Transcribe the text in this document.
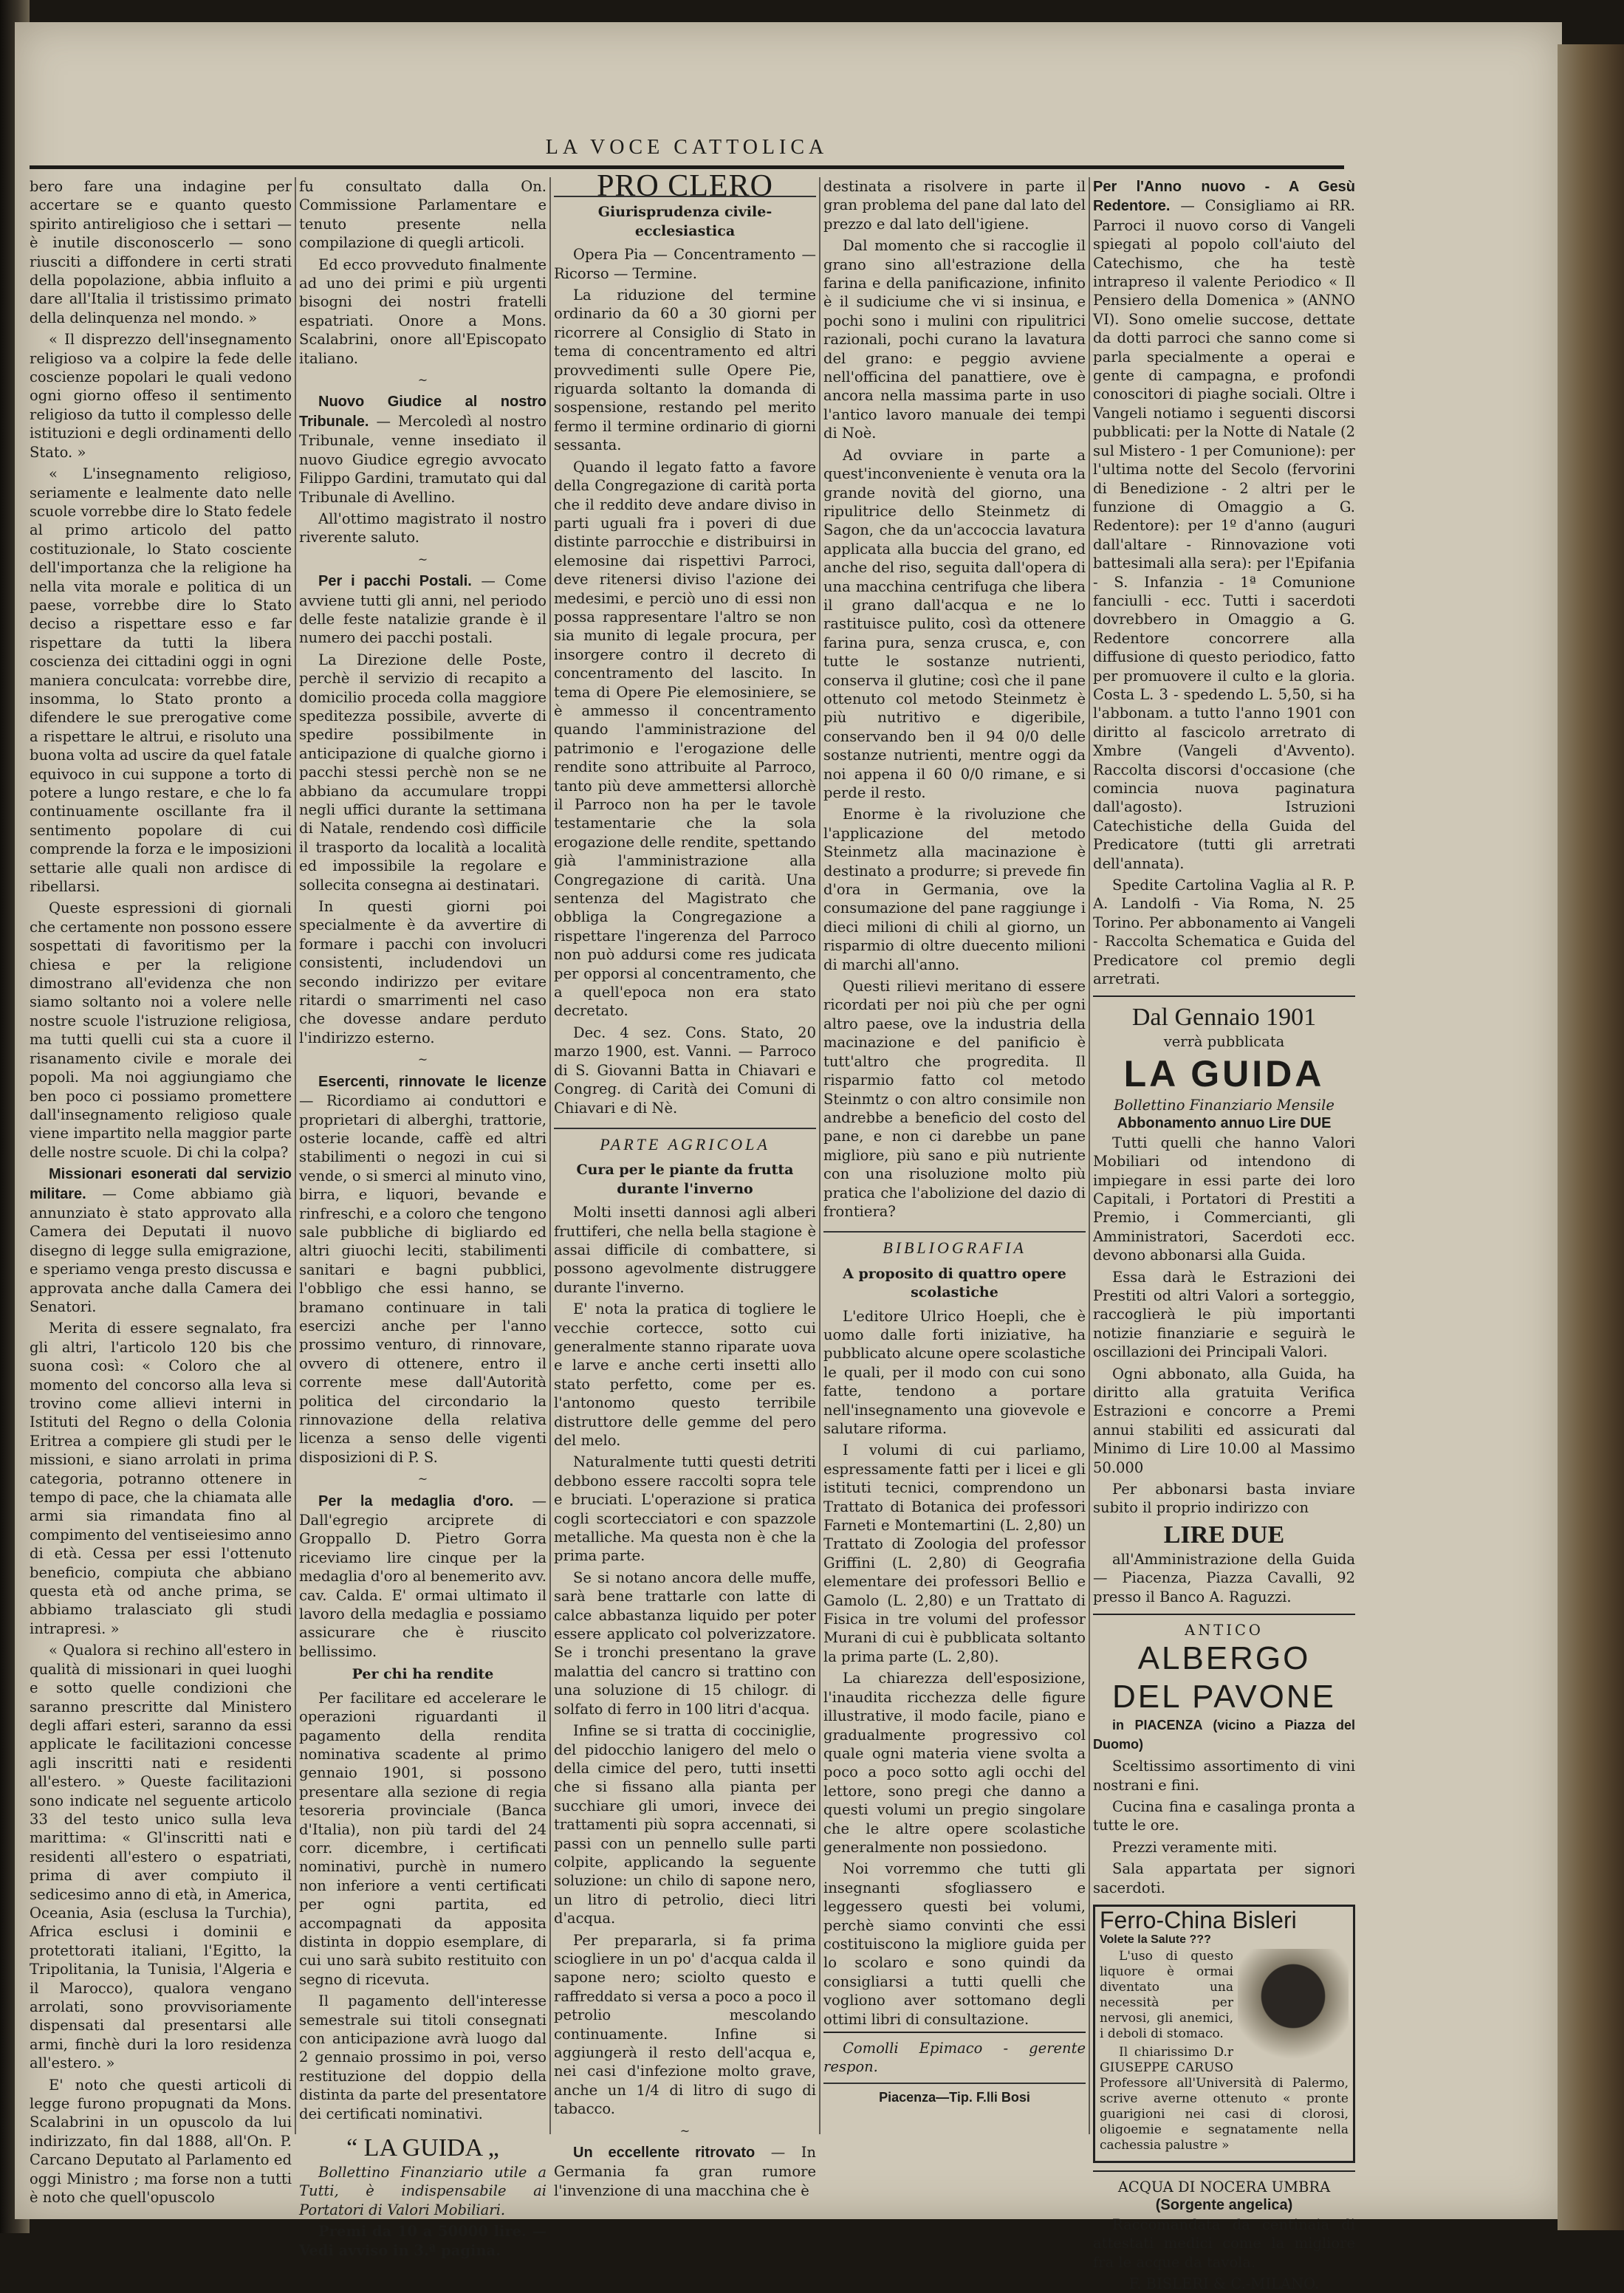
LA VOCE CATTOLICA

bero fare una indagine per accertare se e quanto questo spirito antireligioso che i settari — è inutile disconoscerlo — sono riusciti a diffondere in certi strati della popolazione, abbia influito a dare all'Italia il tristissimo primato della delinquenza nel mondo. »

« Il disprezzo dell'insegnamento religioso va a colpire la fede delle coscienze popolari le quali vedono ogni giorno offeso il sentimento religioso da tutto il complesso delle istituzioni e degli ordinamenti dello Stato. »

« L'insegnamento religioso, seriamente e lealmente dato nelle scuole vorrebbe dire lo Stato fedele al primo articolo del patto costituzionale, lo Stato cosciente dell'importanza che la religione ha nella vita morale e politica di un paese, vorrebbe dire lo Stato deciso a rispettare esso e far rispettare da tutti la libera coscienza dei cittadini oggi in ogni maniera conculcata: vorrebbe dire, insomma, lo Stato pronto a difendere le sue prerogative come a rispettare le altrui, e risoluto una buona volta ad uscire da quel fatale equivoco in cui suppone a torto di potere a lungo restare, e che lo fa continuamente oscillante fra il sentimento popolare di cui comprende la forza e le imposizioni settarie alle quali non ardisce di ribellarsi.

Queste espressioni di giornali che certamente non possono essere sospettati di favoritismo per la chiesa e per la religione dimostrano all'evidenza che non siamo soltanto noi a volere nelle nostre scuole l'istruzione religiosa, ma tutti quelli cui sta a cuore il risanamento civile e morale dei popoli. Ma noi aggiungiamo che ben poco ci possiamo promettere dall'insegnamento religioso quale viene impartito nella maggior parte delle nostre scuole. Di chi la colpa?

Missionari esonerati dal servizio militare. — Come abbiamo già annunziato è stato approvato alla Camera dei Deputati il nuovo disegno di legge sulla emigrazione, e speriamo venga presto discussa e approvata anche dalla Camera dei Senatori.

Merita di essere segnalato, fra gli altri, l'articolo 120 bis che suona così: « Coloro che al momento del concorso alla leva si trovino come allievi interni in Istituti del Regno o della Colonia Eritrea a compiere gli studi per le missioni, e siano arrolati in prima categoria, potranno ottenere in tempo di pace, che la chiamata alle armi sia rimandata fino al compimento del ventiseiesimo anno di età. Cessa per essi l'ottenuto beneficio, compiuta che abbiano questa età od anche prima, se abbiamo tralasciato gli studi intrapresi. »

« Qualora si rechino all'estero in qualità di missionari in quei luoghi e sotto quelle condizioni che saranno prescritte dal Ministero degli affari esteri, saranno da essi applicate le facilitazioni concesse agli inscritti nati e residenti all'estero. » Queste facilitazioni sono indicate nel seguente articolo 33 del testo unico sulla leva marittima: « Gl'inscritti nati e residenti all'estero o espatriati, prima di aver compiuto il sedicesimo anno di età, in America, Oceania, Asia (esclusa la Turchia), Africa esclusi i dominii e protettorati italiani, l'Egitto, la Tripolitania, la Tunisia, l'Algeria e il Marocco), qualora vengano arrolati, sono provvisoriamente dispensati dal presentarsi alle armi, finchè duri la loro residenza all'estero. »

E' noto che questi articoli di legge furono propugnati da Mons. Scalabrini in un opuscolo da lui indirizzato, fin dal 1888, all'On. P. Carcano Deputato al Parlamento ed oggi Ministro ; ma forse non a tutti è noto che quell'opuscolo

fu consultato dalla On. Commissione Parlamentare e tenuto presente nella compilazione di quegli articoli.

Ed ecco provveduto finalmente ad uno dei primi e più urgenti bisogni dei nostri fratelli espatriati. Onore a Mons. Scalabrini, onore all'Episcopato italiano.

~

Nuovo Giudice al nostro Tribunale. — Mercoledì al nostro Tribunale, venne insediato il nuovo Giudice egregio avvocato Filippo Gardini, tramutato qui dal Tribunale di Avellino.

All'ottimo magistrato il nostro riverente saluto.

~

Per i pacchi Postali. — Come avviene tutti gli anni, nel periodo delle feste natalizie grande è il numero dei pacchi postali.

La Direzione delle Poste, perchè il servizio di recapito a domicilio proceda colla maggiore speditezza possibile, avverte di spedire possibilmente in anticipazione di qualche giorno i pacchi stessi perchè non se ne abbiano da accumulare troppi negli uffici durante la settimana di Natale, rendendo così difficile il trasporto da località a località ed impossibile la regolare e sollecita consegna ai destinatari.

In questi giorni poi specialmente è da avvertire di formare i pacchi con involucri consistenti, includendovi un secondo indirizzo per evitare ritardi o smarrimenti nel caso che dovesse andare perduto l'indirizzo esterno.

~

Esercenti, rinnovate le licenze — Ricordiamo ai conduttori e proprietari di alberghi, trattorie, osterie locande, caffè ed altri stabilimenti o negozi in cui si vende, o si smerci al minuto vino, birra, e liquori, bevande e rinfreschi, e a coloro che tengono sale pubbliche di bigliardo ed altri giuochi leciti, stabilimenti sanitari e bagni pubblici, l'obbligo che essi hanno, se bramano continuare in tali esercizi anche per l'anno prossimo venturo, di rinnovare, ovvero di ottenere, entro il corrente mese dall'Autorità politica del circondario la rinnovazione della relativa licenza a senso delle vigenti disposizioni di P. S.

~

Per la medaglia d'oro. — Dall'egregio arciprete di Groppallo D. Pietro Gorra riceviamo lire cinque per la medaglia d'oro al benemerito avv. cav. Calda. E' ormai ultimato il lavoro della medaglia e possiamo assicurare che è riuscito bellissimo.

Per chi ha rendite

Per facilitare ed accelerare le operazioni riguardanti il pagamento della rendita nominativa scadente al primo gennaio 1901, si possono presentare alla sezione di regia tesoreria provinciale (Banca d'Italia), non più tardi del 24 corr. dicembre, i certificati nominativi, purchè in numero non inferiore a venti certificati per ogni partita, ed accompagnati da apposita distinta in doppio esemplare, di cui uno sarà subito restituito con segno di ricevuta.

Il pagamento dell'interesse semestrale sui titoli consegnati con anticipazione avrà luogo dal 2 gennaio prossimo in poi, verso restituzione del doppio della distinta da parte del presentatore dei certificati nominativi.

“ LA GUIDA „

Bollettino Finanziario utile a Tutti, è indispensabile ai Portatori di Valori Mobiliari.

Premi da 10 a 50000 lire. — Vedi avviso in 3.ª pagina.

PRO CLERO
Giurisprudenza civile-ecclesiastica

Opera Pia — Concentramento — Ricorso — Termine.

La riduzione del termine ordinario da 60 a 30 giorni per ricorrere al Consiglio di Stato in tema di concentramento ed altri provvedimenti sulle Opere Pie, riguarda soltanto la domanda di sospensione, restando pel merito fermo il termine ordinario di giorni sessanta.

Quando il legato fatto a favore della Congregazione di carità porta che il reddito deve andare diviso in parti uguali fra i poveri di due distinte parrocchie e distribuirsi in elemosine dai rispettivi Parroci, deve ritenersi diviso l'azione dei medesimi, e perciò uno di essi non possa rappresentare l'altro se non sia munito di legale procura, per insorgere contro il decreto di concentramento del lascito. In tema di Opere Pie elemosiniere, se è ammesso il concentramento quando l'amministrazione del patrimonio e l'erogazione delle rendite sono attribuite al Parroco, tanto più deve ammettersi allorchè il Parroco non ha per le tavole testamentarie che la sola erogazione delle rendite, spettando già l'amministrazione alla Congregazione di carità. Una sentenza del Magistrato che obbliga la Congregazione a rispettare l'ingerenza del Parroco non può addursi come res judicata per opporsi al concentramento, che a quell'epoca non era stato decretato.

Dec. 4 sez. Cons. Stato, 20 marzo 1900, est. Vanni. — Parroco di S. Giovanni Batta in Chiavari e Congreg. di Carità dei Comuni di Chiavari e di Nè.

PARTE AGRICOLA
Cura per le piante da frutta durante l'inverno

Molti insetti dannosi agli alberi fruttiferi, che nella bella stagione è assai difficile di combattere, si possono agevolmente distruggere durante l'inverno.

E' nota la pratica di togliere le vecchie cortecce, sotto cui generalmente stanno riparate uova e larve e anche certi insetti allo stato perfetto, come per es. l'antonomo questo terribile distruttore delle gemme del pero del melo.

Naturalmente tutti questi detriti debbono essere raccolti sopra tele e bruciati. L'operazione si pratica cogli scortecciatori e con spazzole metalliche. Ma questa non è che la prima parte.

Se si notano ancora delle muffe, sarà bene trattarle con latte di calce abbastanza liquido per poter essere applicato col polverizzatore. Se i tronchi presentano la grave malattia del cancro si trattino con una soluzione di 15 chilogr. di solfato di ferro in 100 litri d'acqua.

Infine se si tratta di cocciniglie, del pidocchio lanigero del melo o della cimice del pero, tutti insetti che si fissano alla pianta per succhiare gli umori, invece dei trattamenti più sopra accennati, si passi con un pennello sulle parti colpite, applicando la seguente soluzione: un chilo di sapone nero, un litro di petrolio, dieci litri d'acqua.

Per prepararla, si fa prima sciogliere in un po' d'acqua calda il sapone nero; sciolto questo e raffreddato si versa a poco a poco il petrolio mescolando continuamente. Infine si aggiungerà il resto dell'acqua e, nei casi d'infezione molto grave, anche un 1/4 di litro di sugo di tabacco.

~

Un eccellente ritrovato — In Germania fa gran rumore l'invenzione di una macchina che è

destinata a risolvere in parte il gran problema del pane dal lato del prezzo e dal lato dell'igiene.

Dal momento che si raccoglie il grano sino all'estrazione della farina e della panificazione, infinito è il sudiciume che vi si insinua, e pochi sono i mulini con ripulitrici razionali, pochi curano la lavatura del grano: e peggio avviene nell'officina del panattiere, ove è ancora nella massima parte in uso l'antico lavoro manuale dei tempi di Noè.

Ad ovviare in parte a quest'inconveniente è venuta ora la grande novità del giorno, una ripulitrice dello Steinmetz di Sagon, che da un'accoccia lavatura applicata alla buccia del grano, ed anche del riso, seguita dall'opera di una macchina centrifuga che libera il grano dall'acqua e ne lo rastituisce pulito, così da ottenere farina pura, senza crusca, e, con tutte le sostanze nutrienti, conserva il glutine; così che il pane ottenuto col metodo Steinmetz è più nutritivo e digeribile, conservando ben il 94 0/0 delle sostanze nutrienti, mentre oggi da noi appena il 60 0/0 rimane, e si perde il resto.

Enorme è la rivoluzione che l'applicazione del metodo Steinmetz alla macinazione è destinato a produrre; si prevede fin d'ora in Germania, ove la consumazione del pane raggiunge i dieci milioni di chili al giorno, un risparmio di oltre duecento milioni di marchi all'anno.

Questi rilievi meritano di essere ricordati per noi più che per ogni altro paese, ove la industria della macinazione e del panificio è tutt'altro che progredita. Il risparmio fatto col metodo Steinmtz o con altro consimile non andrebbe a beneficio del costo del pane, e non ci darebbe un pane migliore, più sano e più nutriente con una risoluzione molto più pratica che l'abolizione del dazio di frontiera?

BIBLIOGRAFIA
A proposito di quattro opere scolastiche

L'editore Ulrico Hoepli, che è uomo dalle forti iniziative, ha pubblicato alcune opere scolastiche le quali, per il modo con cui sono fatte, tendono a portare nell'insegnamento una giovevole e salutare riforma.

I volumi di cui parliamo, espressamente fatti per i licei e gli istituti tecnici, comprendono un Trattato di Botanica dei professori Farneti e Montemartini (L. 2,80) un Trattato di Zoologia del professor Griffini (L. 2,80) di Geografia elementare dei professori Bellio e Gamolo (L. 2,80) e un Trattato di Fisica in tre volumi del professor Murani di cui è pubblicata soltanto la prima parte (L. 2,80).

La chiarezza dell'esposizione, l'inaudita ricchezza delle figure illustrative, il modo facile, piano e gradualmente progressivo col quale ogni materia viene svolta a poco a poco sotto agli occhi del lettore, sono pregi che danno a questi volumi un pregio singolare che le altre opere scolastiche generalmente non possiedono.

Noi vorremmo che tutti gli insegnanti sfogliassero e leggessero questi bei volumi, perchè siamo convinti che essi costituiscono la migliore guida per lo scolaro e sono quindi da consigliarsi a tutti quelli che vogliono aver sottomano degli ottimi libri di consultazione.

Comolli Epimaco - gerente respon.

Piacenza—Tip. F.lli Bosi

Per l'Anno nuovo - A Gesù Redentore. — Consigliamo ai RR. Parroci il nuovo corso di Vangeli spiegati al popolo coll'aiuto del Catechismo, che ha testè intrapreso il valente Periodico « Il Pensiero della Domenica » (ANNO VI). Sono omelie succose, dettate da dotti parroci che sanno come si parla specialmente a operai e gente di campagna, e profondi conoscitori di piaghe sociali. Oltre i Vangeli notiamo i seguenti discorsi pubblicati: per la Notte di Natale (2 sul Mistero - 1 per Comunione): per l'ultima notte del Secolo (fervorini di Benedizione - 2 altri per le funzione di Omaggio a G. Redentore): per 1º d'anno (auguri dall'altare - Rinnovazione voti battesimali alla sera): per l'Epifania - S. Infanzia - 1ª Comunione fanciulli - ecc. Tutti i sacerdoti dovrebbero in Omaggio a G. Redentore concorrere alla diffusione di questo periodico, fatto per promuovere il culto e la gloria. Costa L. 3 - spedendo L. 5,50, si ha l'abbonam. a tutto l'anno 1901 con diritto al fascicolo arretrato di Xmbre (Vangeli d'Avvento). Raccolta discorsi d'occasione (che comincia nuova paginatura dall'agosto). Istruzioni Catechistiche della Guida del Predicatore (tutti gli arretrati dell'annata).

Spedite Cartolina Vaglia al R. P. A. Landolfi - Via Roma, N. 25 Torino. Per abbonamento ai Vangeli - Raccolta Schematica e Guida del Predicatore col premio degli arretrati.

Dal Gennaio 1901
verrà pubblicata
LA GUIDA
Bollettino Finanziario Mensile
Abbonamento annuo Lire DUE

Tutti quelli che hanno Valori Mobiliari od intendono di impiegare in essi parte dei loro Capitali, i Portatori di Prestiti a Premio, i Commercianti, gli Amministratori, Sacerdoti ecc. devono abbonarsi alla Guida.

Essa darà le Estrazioni dei Prestiti od altri Valori a sorteggio, raccoglierà le più importanti notizie finanziarie e seguirà le oscillazioni dei Principali Valori.

Ogni abbonato, alla Guida, ha diritto alla gratuita Verifica Estrazioni e concorre a Premi annui stabiliti ed assicurati dal Minimo di Lire 10.00 al Massimo 50.000

Per abbonarsi basta inviare subito il proprio indirizzo con

LIRE DUE

all'Amministrazione della Guida — Piacenza, Piazza Cavalli, 92 presso il Banco A. Raguzzi.

ANTICO
ALBERGO
DEL PAVONE

in PIACENZA (vicino a Piazza del Duomo)

Sceltissimo assortimento di vini nostrani e fini.

Cucina fina e casalinga pronta a tutte le ore.

Prezzi veramente miti.

Sala appartata per signori sacerdoti.

Ferro-China Bisleri
Volete la Salute ???

L'uso di questo liquore è ormai diventato una necessità per nervosi, gli anemici, i deboli di stomaco.

Il chiarissimo D.r GIUSEPPE CARUSO Professore all'Università di Palermo, scrive averne ottenuto « pronte guarigioni nei casi di clorosi, oligoemie e segnatamente nella cachessia palustre »

ACQUA DI NOCERA UMBRA
(Sorgente angelica)

Raccomandata da centinaia di attestati medici come la migliore fra le acque da tavola.

F. BISLERI & C.-MILANO.
